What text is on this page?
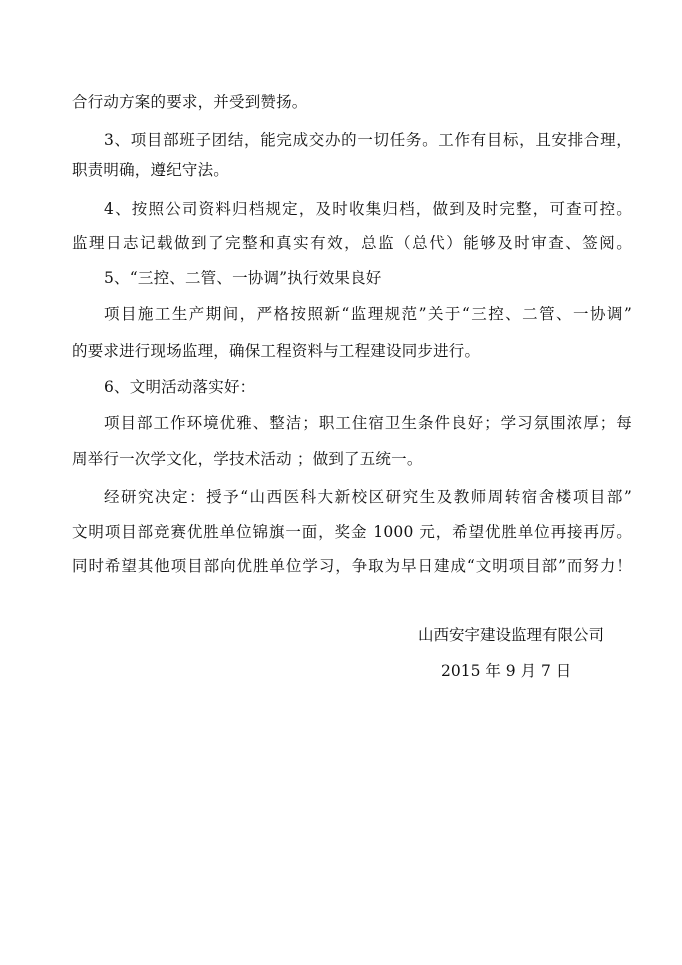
合行动方案的要求，并受到赞扬。
3、项目部班子团结，能完成交办的一切任务。工作有目标，且安排合理，
职责明确，遵纪守法。
4、按照公司资料归档规定，及时收集归档，做到及时完整，可查可控。
监理日志记载做到了完整和真实有效，总监（总代）能够及时审查、签阅。
5、“三控、二管、一协调”执行效果良好
项目施工生产期间，严格按照新“监理规范”关于“三控、二管、一协调”
的要求进行现场监理，确保工程资料与工程建设同步进行。
6、文明活动落实好：
项目部工作环境优雅、整洁；职工住宿卫生条件良好；学习氛围浓厚；每
周举行一次学文化，学技术活动 ；做到了五统一。
经研究决定：授予“山西医科大新校区研究生及教师周转宿舍楼项目部”
文明项目部竞赛优胜单位锦旗一面，奖金 1000 元，希望优胜单位再接再厉。
同时希望其他项目部向优胜单位学习，争取为早日建成“文明项目部”而努力！
山西安宇建设监理有限公司
2015 年 9 月 7 日
